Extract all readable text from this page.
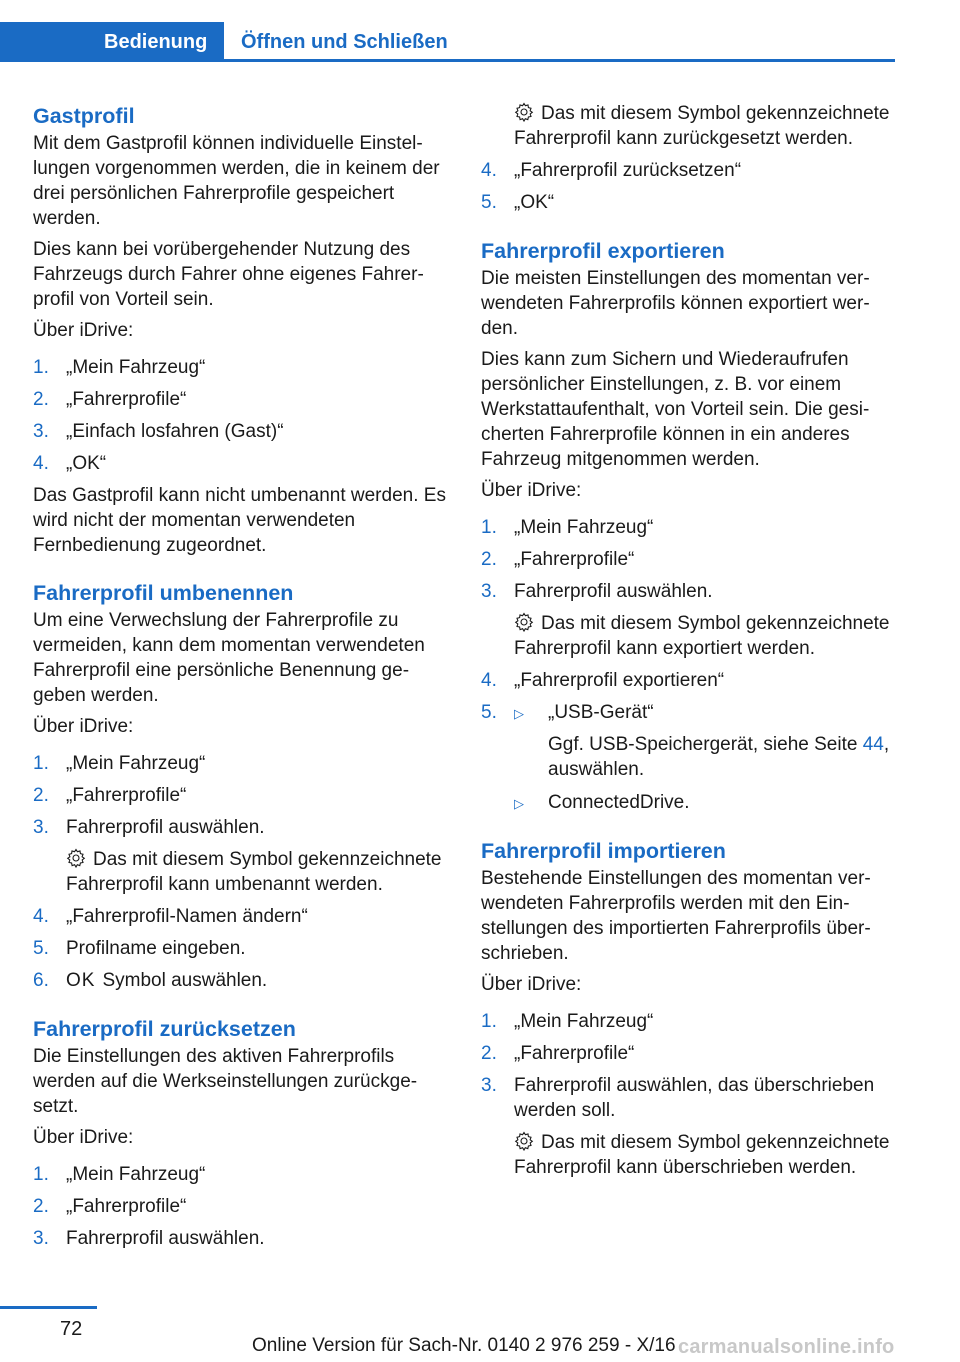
Bedienung	Öffnen und Schließen
Gastprofil

Mit dem Gastprofil können individuelle Einstellungen vorgenommen werden, die in keinem der drei persönlichen Fahrerprofile gespeichert werden.

Dies kann bei vorübergehender Nutzung des Fahrzeugs durch Fahrer ohne eigenes Fahrerprofil von Vorteil sein.

Über iDrive:

1. „Mein Fahrzeug“
2. „Fahrerprofile“
3. „Einfach losfahren (Gast)“
4. „OK“

Das Gastprofil kann nicht umbenannt werden. Es wird nicht der momentan verwendeten Fernbedienung zugeordnet.

Fahrerprofil umbenennen

Um eine Verwechslung der Fahrerprofile zu vermeiden, kann dem momentan verwendeten Fahrerprofil eine persönliche Benennung gegeben werden.

Über iDrive:

1. „Mein Fahrzeug“
2. „Fahrerprofile“
3. Fahrerprofil auswählen.
Das mit diesem Symbol gekennzeichnete Fahrerprofil kann umbenannt werden.
4. „Fahrerprofil-Namen ändern“
5. Profilname eingeben.
6. OK Symbol auswählen.
Fahrerprofil zurücksetzen

Die Einstellungen des aktiven Fahrerprofils werden auf die Werkseinstellungen zurückgesetzt.

Über iDrive:

1. „Mein Fahrzeug“
2. „Fahrerprofile“
3. Fahrerprofil auswählen.
Das mit diesem Symbol gekennzeichnete Fahrerprofil kann zurückgesetzt werden.
4. „Fahrerprofil zurücksetzen“
5. „OK“
Fahrerprofil exportieren

Die meisten Einstellungen des momentan verwendeten Fahrerprofils können exportiert werden.

Dies kann zum Sichern und Wiederaufrufen persönlicher Einstellungen, z. B. vor einem Werkstattaufenthalt, von Vorteil sein. Die gesicherten Fahrerprofile können in ein anderes Fahrzeug mitgenommen werden.

Über iDrive:

1. „Mein Fahrzeug“
2. „Fahrerprofile“
3. Fahrerprofil auswählen.
Das mit diesem Symbol gekennzeichnete Fahrerprofil kann exportiert werden.
4. „Fahrerprofil exportieren“
5. ▷ „USB-Gerät“
Ggf. USB-Speichergerät, siehe Seite 44, auswählen.
▷ ConnectedDrive.
Fahrerprofil importieren

Bestehende Einstellungen des momentan verwendeten Fahrerprofils werden mit den Einstellungen des importierten Fahrerprofils überschrieben.

Über iDrive:

1. „Mein Fahrzeug“
2. „Fahrerprofile“
3. Fahrerprofil auswählen, das überschrieben werden soll.
Das mit diesem Symbol gekennzeichnete Fahrerprofil kann überschrieben werden.
72
Online Version für Sach-Nr. 0140 2 976 259 - X/16 carmanualsonline.info
